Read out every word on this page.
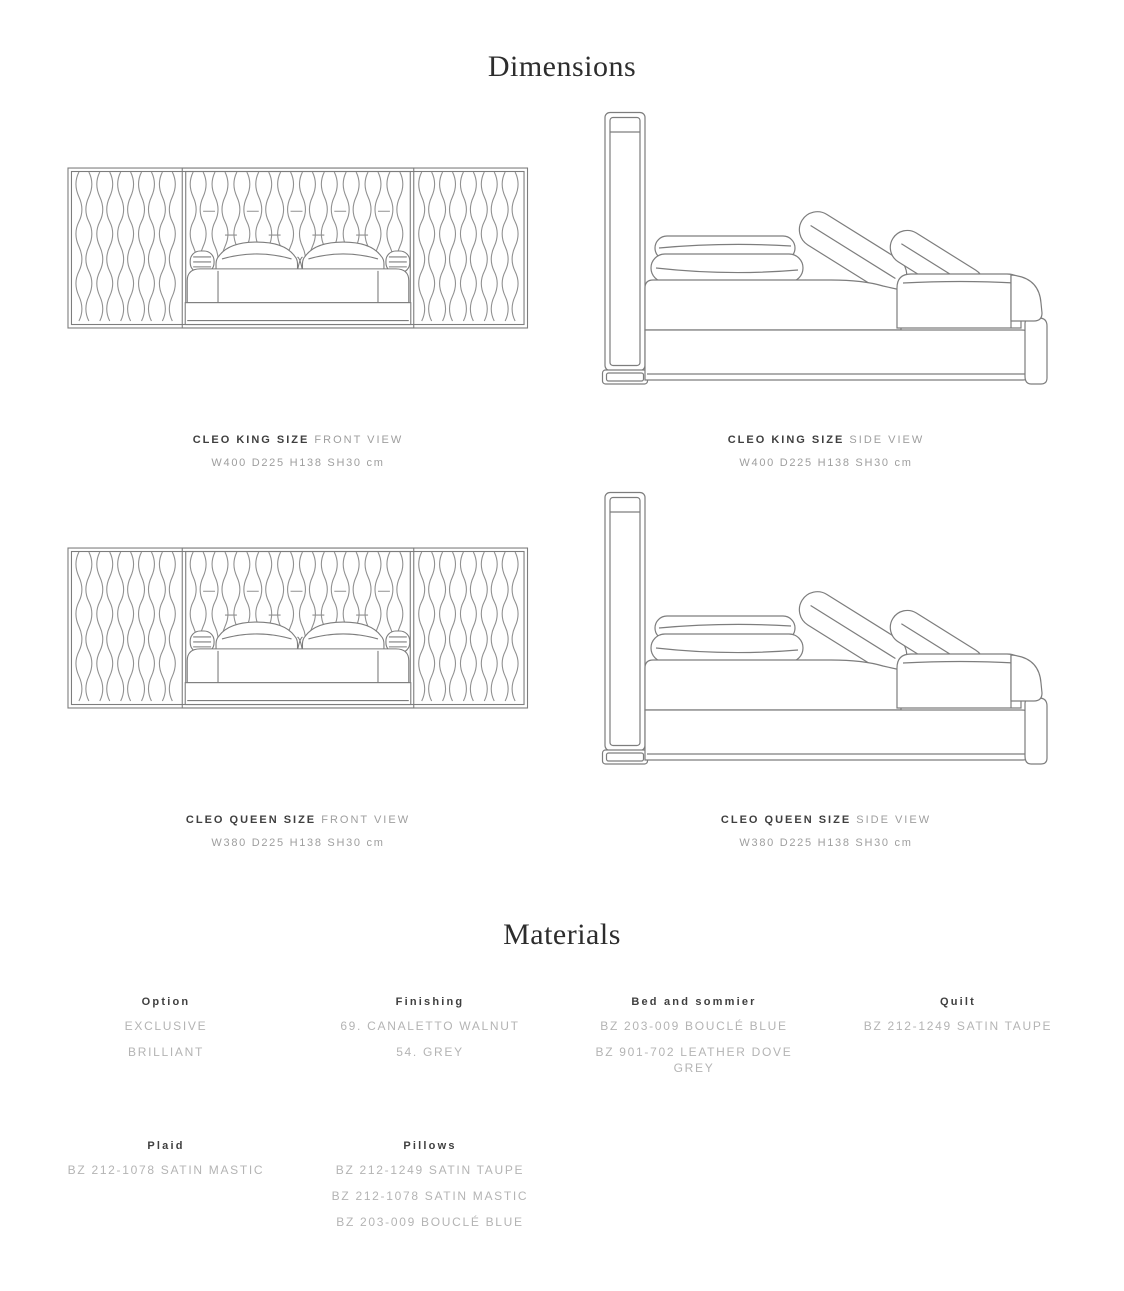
Dimensions
CLEO KING SIZE FRONT VIEW
W400 D225 H138 SH30 cm
CLEO KING SIZE SIDE VIEW
W400 D225 H138 SH30 cm
CLEO QUEEN SIZE FRONT VIEW
W380 D225 H138 SH30 cm
CLEO QUEEN SIZE SIDE VIEW
W380 D225 H138 SH30 cm
Materials
Option
EXCLUSIVE
BRILLIANT
Finishing
69. CANALETTO WALNUT
54. GREY
Bed and sommier
BZ 203-009 BOUCLÉ BLUE
BZ 901-702 LEATHER DOVE GREY
Quilt
BZ 212-1249 SATIN TAUPE
Plaid
BZ 212-1078 SATIN MASTIC
Pillows
BZ 212-1249 SATIN TAUPE
BZ 212-1078 SATIN MASTIC
BZ 203-009 BOUCLÉ BLUE
